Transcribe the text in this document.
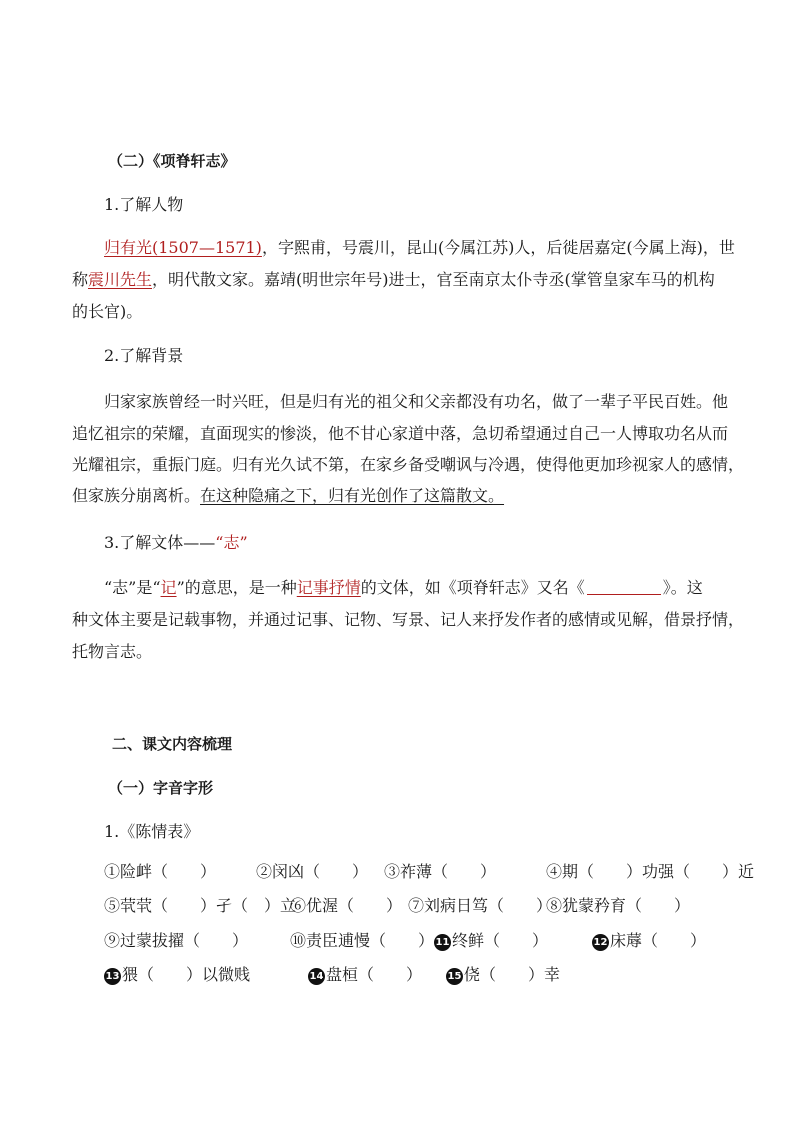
（二）《项脊轩志》
1.了解人物
归有光(1507—1571)，字熙甫，号震川，昆山(今属江苏)人，后徙居嘉定(今属上海)，世
称震川先生，明代散文家。嘉靖(明世宗年号)进士，官至南京太仆寺丞(掌管皇家车马的机构
的长官)。
2.了解背景
归家家族曾经一时兴旺，但是归有光的祖父和父亲都没有功名，做了一辈子平民百姓。他
追忆祖宗的荣耀，直面现实的惨淡，他不甘心家道中落，急切希望通过自己一人博取功名从而
光耀祖宗，重振门庭。归有光久试不第，在家乡备受嘲讽与冷遇，使得他更加珍视家人的感情，
但家族分崩离析。在这种隐痛之下，归有光创作了这篇散文。
3.了解文体——“志”
“志”是“记”的意思，是一种记事抒情的文体，如《项脊轩志》又名《	》。这
种文体主要是记载事物，并通过记事、记物、写景、记人来抒发作者的感情或见解，借景抒情，
托物言志。
二、课文内容梳理
（一）字音字形
1.《陈情表》
①险衅（　　） ②闵凶（　　） ③祚薄（　　）	④期（　　）功强（　　）近
⑤茕茕（　　）孑（　）立
⑥优渥（　　） ⑦刘病日笃（　　）
⑧犹蒙矜育（　　）
⑨过蒙拔擢（　　）	⑩责臣逋慢（　　） 11 终鲜（　　）	12 床蓐（　　）
13 猥（　　）以微贱	14 盘桓（　　）	15 侥（　　）幸
